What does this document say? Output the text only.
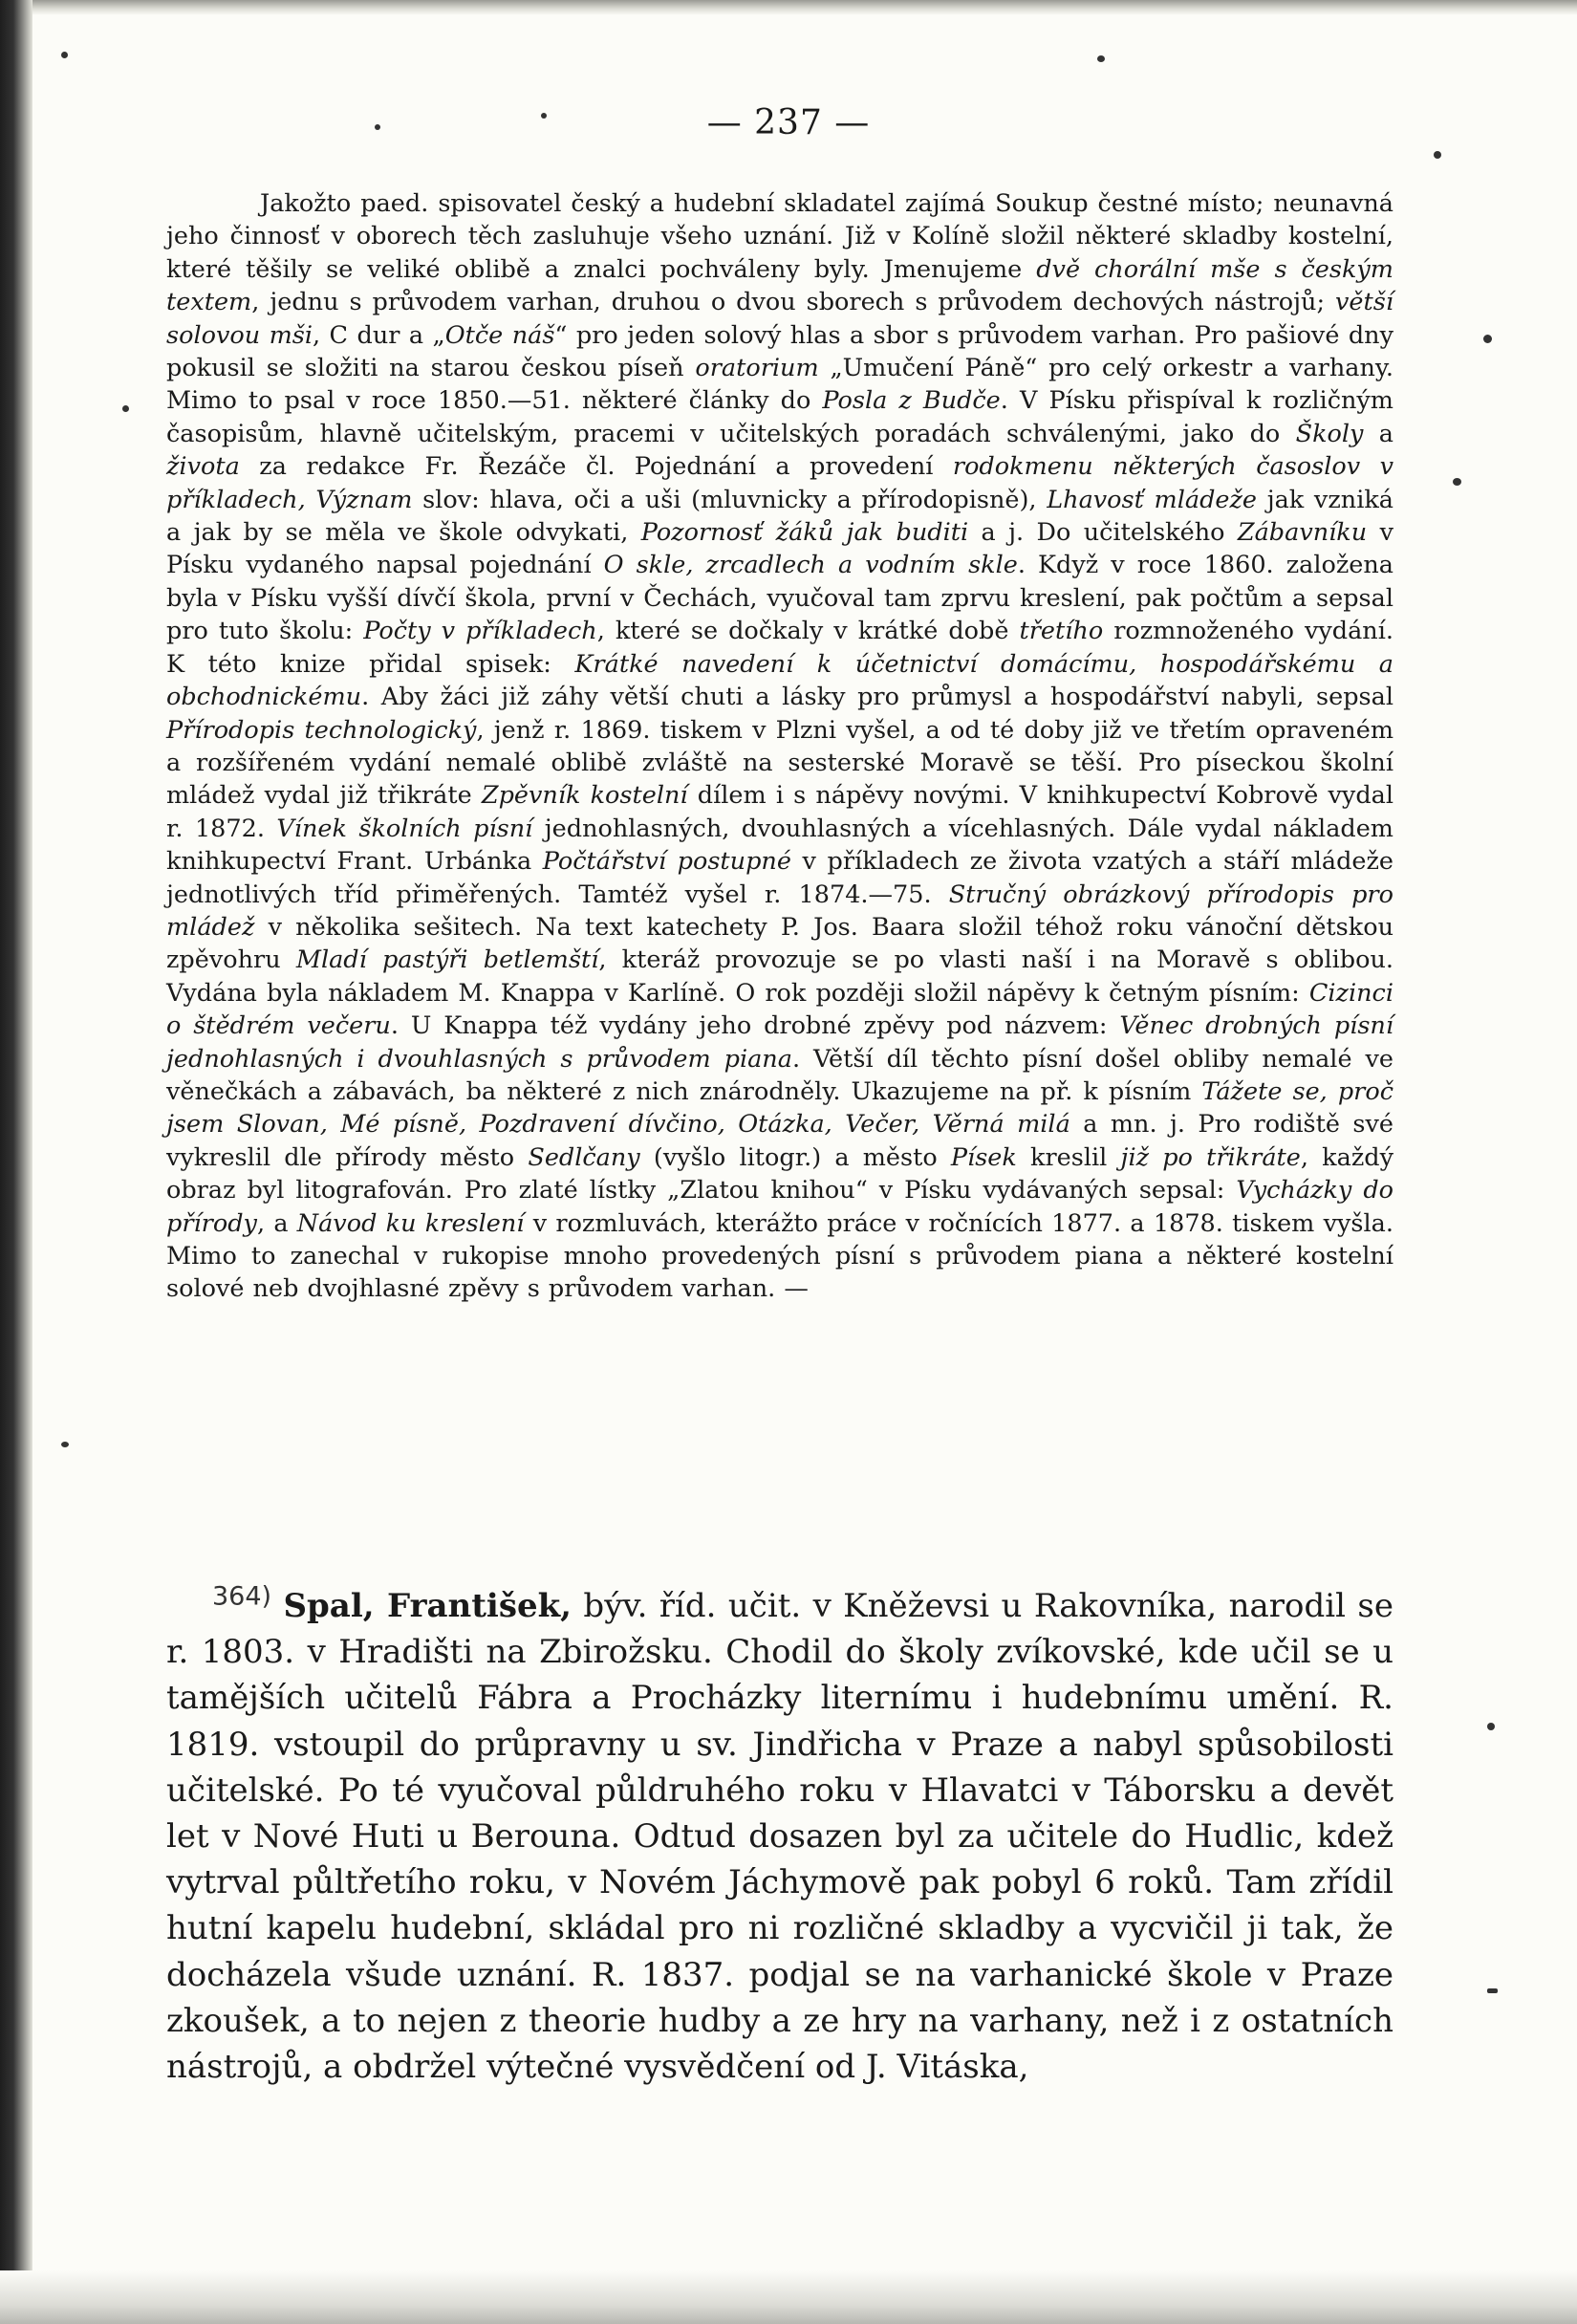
— 237 —

Jakožto paed. spisovatel český a hudební skladatel zajímá Soukup čestné místo; neunavná jeho činnosť v oborech těch zasluhuje všeho uznání. Již v Kolíně složil některé skladby kostelní, které těšily se veliké oblibě a znalci pochváleny byly. Jmenujeme dvě chorální mše s českým textem, jednu s průvodem varhan, druhou o dvou sborech s průvodem dechových nástrojů; větší solovou mši, C dur a „Otče náš“ pro jeden solový hlas a sbor s průvodem varhan. Pro pašiové dny pokusil se složiti na starou českou píseň oratorium „Umučení Páně“ pro celý orkestr a varhany. Mimo to psal v roce 1850.—51. některé články do Posla z Budče. V Písku přispíval k rozličným časopisům, hlavně učitelským, pracemi v učitelských poradách schválenými, jako do Školy a života za redakce Fr. Řezáče čl. Pojednání a provedení rodokmenu některých časoslov v příkladech, Význam slov: hlava, oči a uši (mluvnicky a přírodopisně), Lhavosť mládeže jak vzniká a jak by se měla ve škole odvykati, Pozornosť žáků jak buditi a j. Do učitelského Zábavníku v Písku vydaného napsal pojednání O skle, zrcadlech a vodním skle. Když v roce 1860. založena byla v Písku vyšší dívčí škola, první v Čechách, vyučoval tam zprvu kreslení, pak počtům a sepsal pro tuto školu: Počty v příkladech, které se dočkaly v krátké době třetího rozmnoženého vydání. K této knize přidal spisek: Krátké navedení k účetnictví domácímu, hospodářskému a obchodnickému. Aby žáci již záhy větší chuti a lásky pro průmysl a hospodářství nabyli, sepsal Přírodopis technologický, jenž r. 1869. tiskem v Plzni vyšel, a od té doby již ve třetím opraveném a rozšířeném vydání nemalé oblibě zvláště na sesterské Moravě se těší. Pro píseckou školní mládež vydal již třikráte Zpěvník kostelní dílem i s nápěvy novými. V knihkupectví Kobrově vydal r. 1872. Vínek školních písní jednohlasných, dvouhlasných a vícehlasných. Dále vydal nákladem knihkupectví Frant. Urbánka Počtářství postupné v příkladech ze života vzatých a stáří mládeže jednotlivých tříd přiměřených. Tamtéž vyšel r. 1874.—75. Stručný obrázkový přírodopis pro mládež v několika sešitech. Na text katechety P. Jos. Baara složil téhož roku vánoční dětskou zpěvohru Mladí pastýři betlemští, kteráž provozuje se po vlasti naší i na Moravě s oblibou. Vydána byla nákladem M. Knappa v Karlíně. O rok později složil nápěvy k četným písním: Cizinci o štědrém večeru. U Knappa též vydány jeho drobné zpěvy pod názvem: Věnec drobných písní jednohlasných i dvouhlasných s průvodem piana. Větší díl těchto písní došel obliby nemalé ve věnečkách a zábavách, ba některé z nich znárodněly. Ukazujeme na př. k písním Tážete se, proč jsem Slovan, Mé písně, Pozdravení dívčino, Otázka, Večer, Věrná milá a mn. j. Pro rodiště své vykreslil dle přírody město Sedlčany (vyšlo litogr.) a město Písek kreslil již po třikráte, každý obraz byl litografován. Pro zlaté lístky „Zlatou knihou“ v Písku vydávaných sepsal: Vycházky do přírody, a Návod ku kreslení v rozmluvách, kterážto práce v ročnících 1877. a 1878. tiskem vyšla. Mimo to zanechal v rukopise mnoho provedených písní s průvodem piana a některé kostelní solové neb dvojhlasné zpěvy s průvodem varhan. —

$^{364)}$ Spal, František, býv. říd. učit. v Kněževsi u Rakovníka, narodil se r. 1803. v Hradišti na Zbirožsku. Chodil do školy zvíkovské, kde učil se u tamějších učitelů Fábra a Procházky liternímu i hudebnímu umění. R. 1819. vstoupil do průpravny u sv. Jindřicha v Praze a nabyl spůsobilosti učitelské. Po té vyučoval půldruhého roku v Hlavatci v Táborsku a devět let v Nové Huti u Berouna. Odtud dosazen byl za učitele do Hudlic, kdež vytrval půltřetího roku, v Novém Jáchymově pak pobyl 6 roků. Tam zřídil hutní kapelu hudební, skládal pro ni rozličné skladby a vycvičil ji tak, že docházela všude uznání. R. 1837. podjal se na varhanické škole v Praze zkoušek, a to nejen z theorie hudby a ze hry na varhany, než i z ostatních nástrojů, a obdržel výtečné vysvědčení od J. Vitáska,
